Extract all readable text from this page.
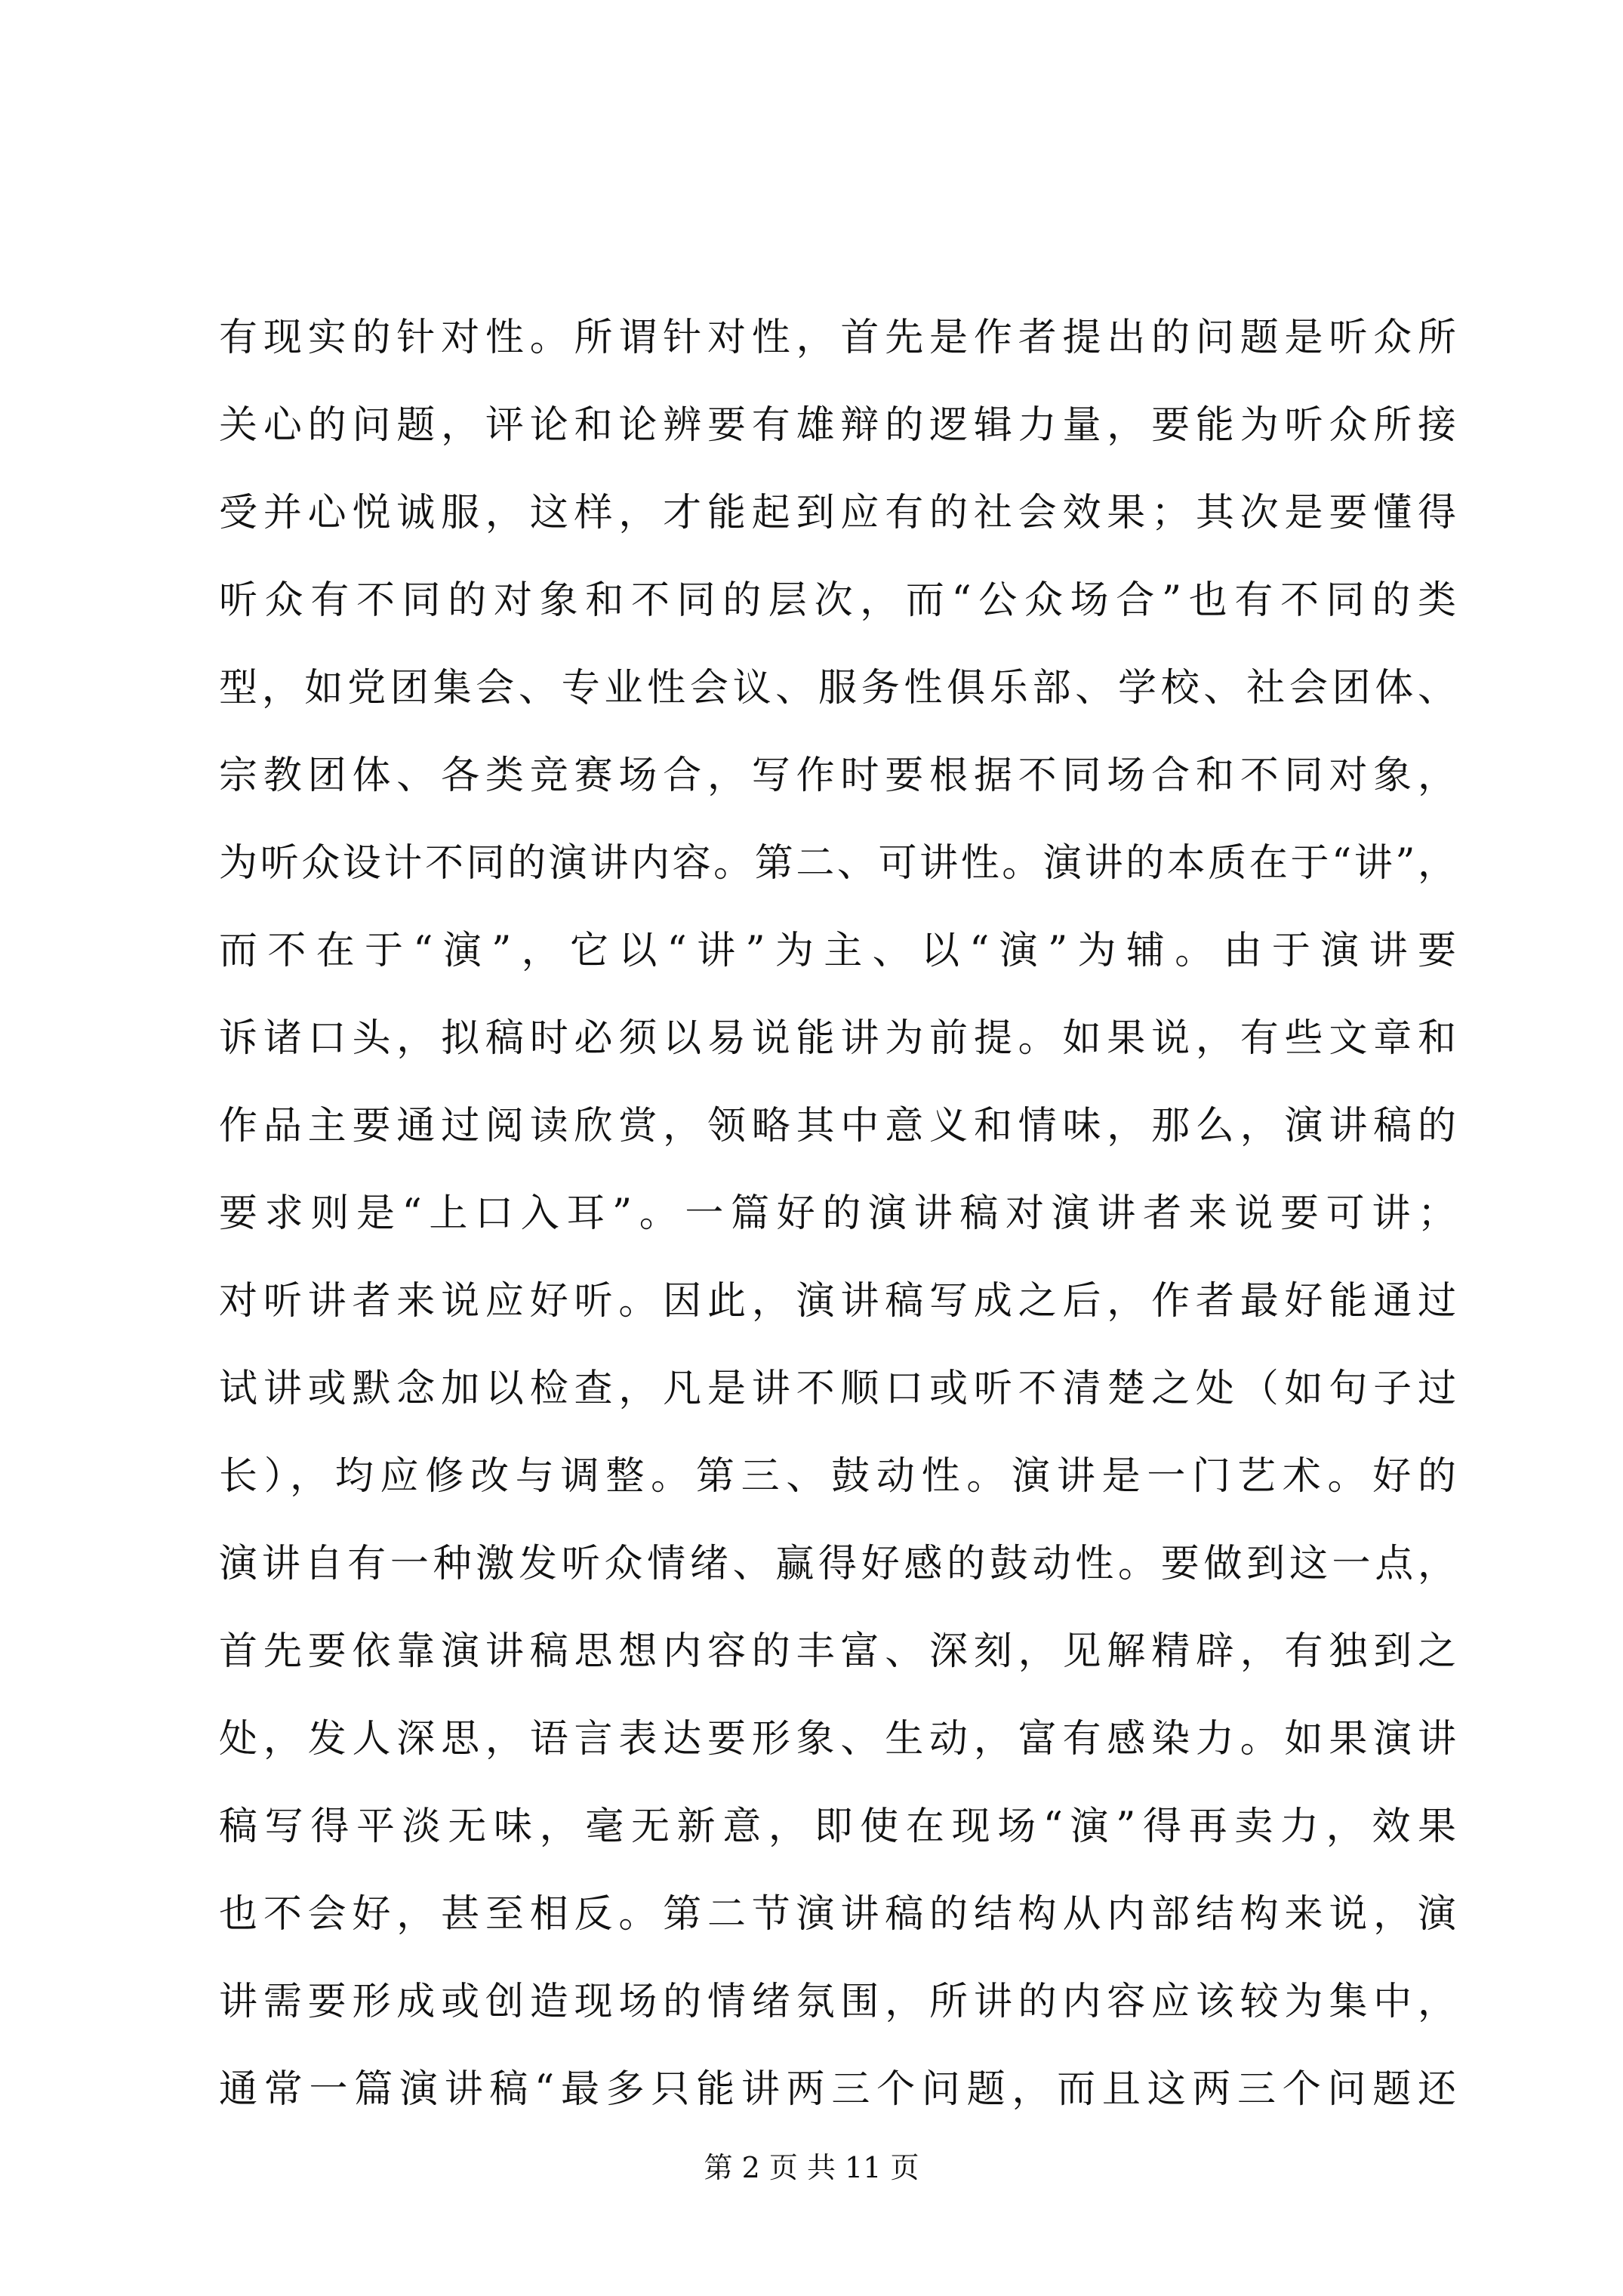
有现实的针对性。所谓针对性，首先是作者提出的问题是听众所
关心的问题，评论和论辨要有雄辩的逻辑力量，要能为听众所接
受并心悦诚服，这样，才能起到应有的社会效果；其次是要懂得
听众有不同的对象和不同的层次，而“公众场合”也有不同的类
型，如党团集会、专业性会议、服务性俱乐部、学校、社会团体、
宗教团体、各类竞赛场合，写作时要根据不同场合和不同对象，
为听众设计不同的演讲内容。第二、可讲性。演讲的本质在于“讲”，
而不在于“演”，它以“讲”为主、以“演”为辅。由于演讲要
诉诸口头，拟稿时必须以易说能讲为前提。如果说，有些文章和
作品主要通过阅读欣赏，领略其中意义和情味，那么，演讲稿的
要求则是“上口入耳”。一篇好的演讲稿对演讲者来说要可讲；
对听讲者来说应好听。因此，演讲稿写成之后，作者最好能通过
试讲或默念加以检查，凡是讲不顺口或听不清楚之处（如句子过
长），均应修改与调整。第三、鼓动性。演讲是一门艺术。好的
演讲自有一种激发听众情绪、赢得好感的鼓动性。要做到这一点，
首先要依靠演讲稿思想内容的丰富、深刻，见解精辟，有独到之
处，发人深思，语言表达要形象、生动，富有感染力。如果演讲
稿写得平淡无味，毫无新意，即使在现场“演”得再卖力，效果
也不会好，甚至相反。第二节演讲稿的结构从内部结构来说，演
讲需要形成或创造现场的情绪氛围，所讲的内容应该较为集中，
通常一篇演讲稿“最多只能讲两三个问题，而且这两三个问题还
第 2 页 共 11 页
